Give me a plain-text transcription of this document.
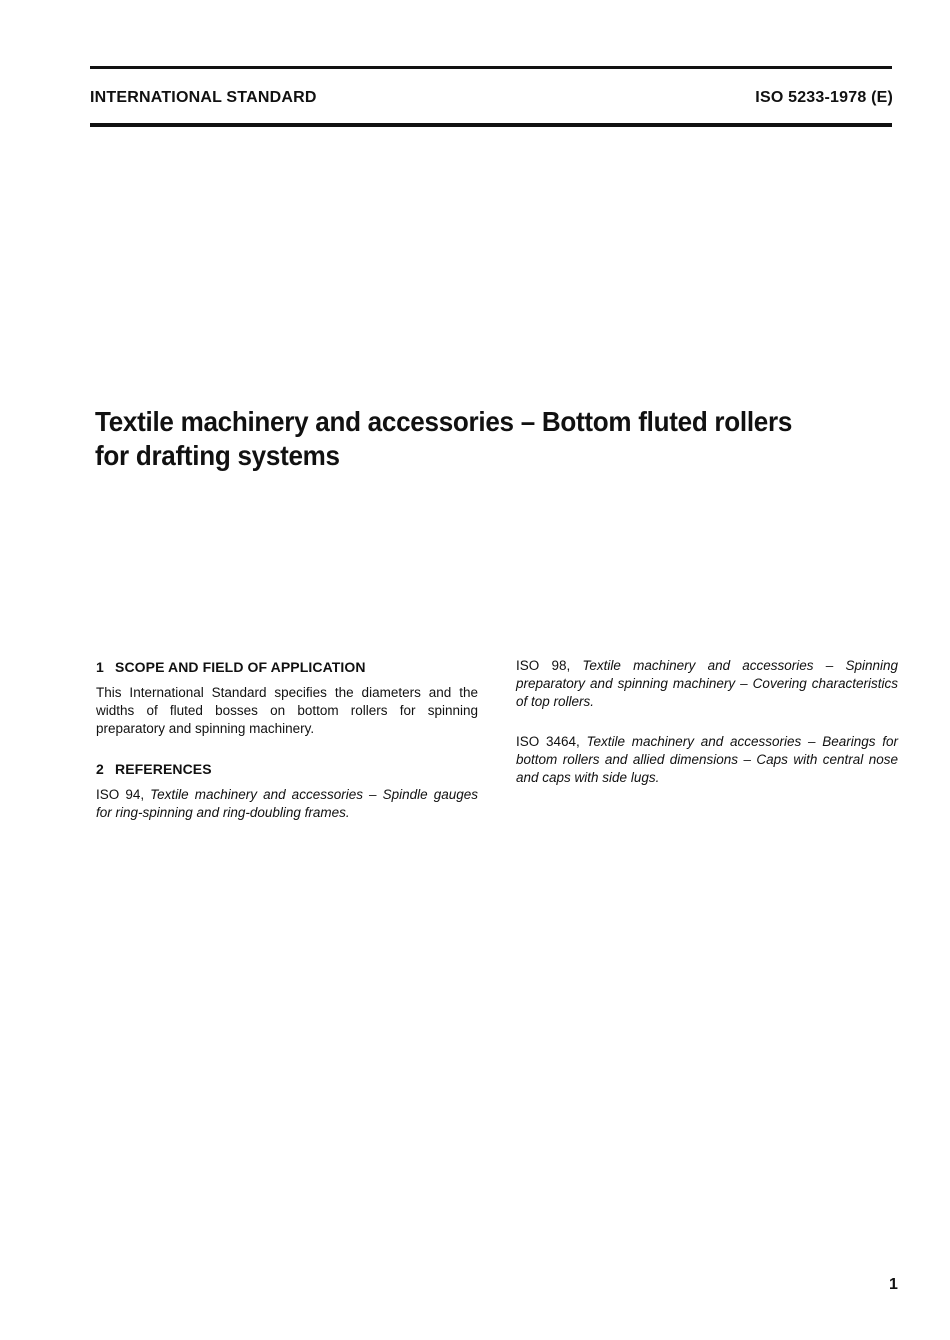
INTERNATIONAL STANDARD	ISO 5233-1978 (E)
Textile machinery and accessories – Bottom fluted rollers
for drafting systems
1 SCOPE AND FIELD OF APPLICATION

This International Standard specifies the diameters and the widths of fluted bosses on bottom rollers for spinning preparatory and spinning machinery.

2 REFERENCES

ISO 94, Textile machinery and accessories – Spindle gauges for ring-spinning and ring-doubling frames.

ISO 98, Textile machinery and accessories – Spinning preparatory and spinning machinery – Covering characteristics of top rollers.

ISO 3464, Textile machinery and accessories – Bearings for bottom rollers and allied dimensions – Caps with central nose and caps with side lugs.

1
